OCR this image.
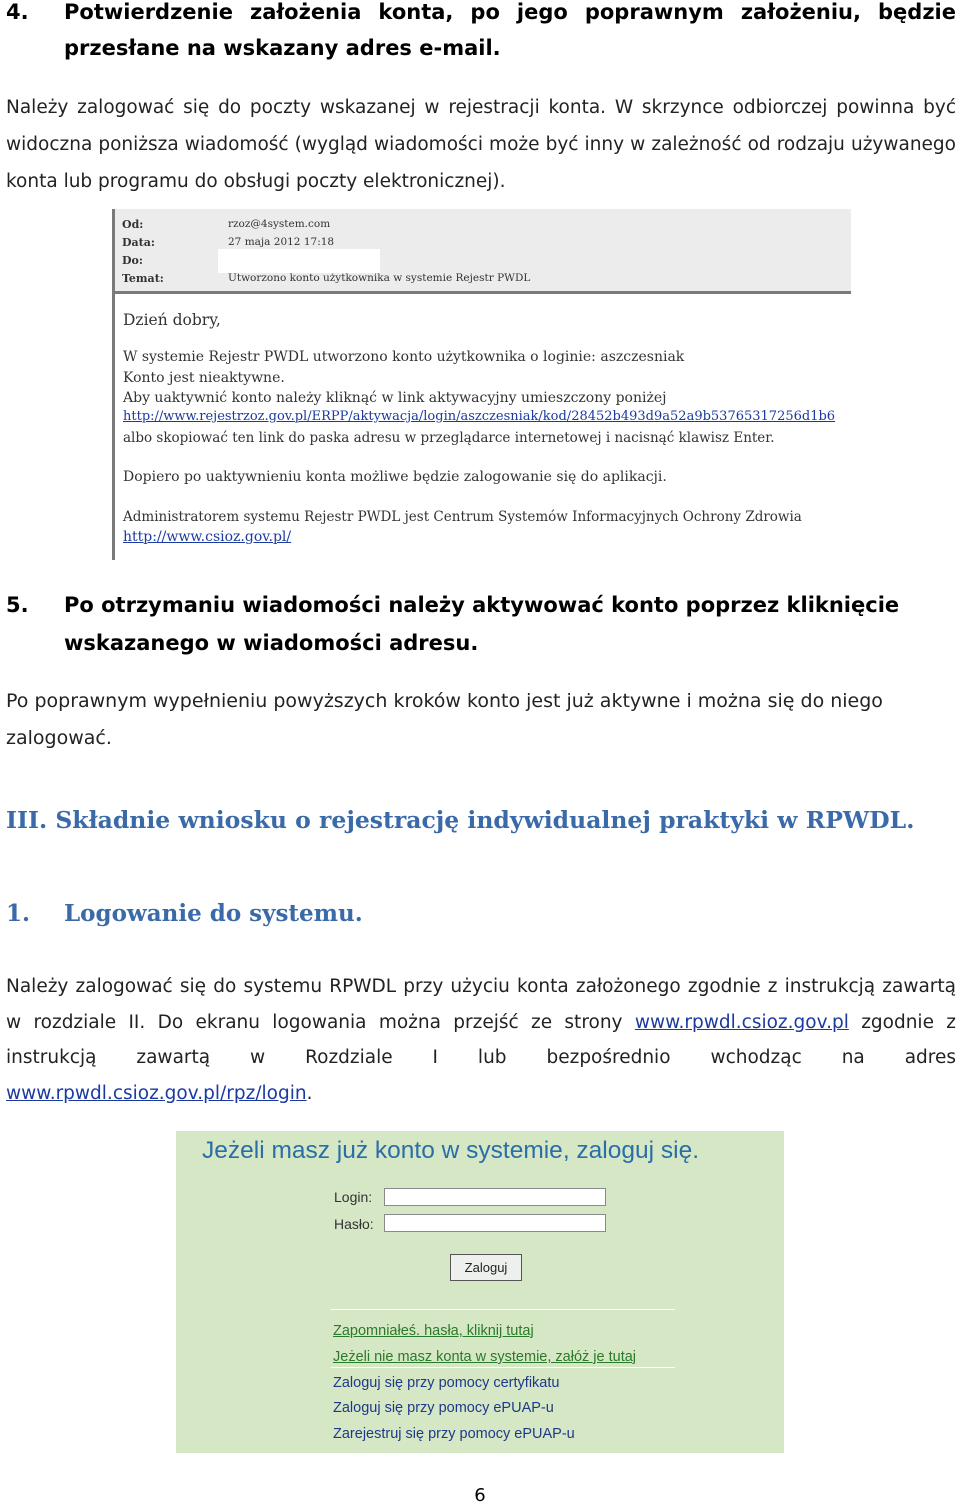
4. Potwierdzenie założenia konta, po jego poprawnym założeniu, będzie przesłane na wskazany adres e-mail.
Należy zalogować się do poczty wskazanej w rejestracji konta. W skrzynce odbiorczej powinna być widoczna poniższa wiadomość (wygląd wiadomości może być inny w zależność od rodzaju używanego konta lub programu do obsługi poczty elektronicznej).
Od:	rzoz@4system.com
Data:	27 maja 2012 17:18
Do:
Temat:	Utworzono konto użytkownika w systemie Rejestr PWDL
Dzień dobry,
W systemie Rejestr PWDL utworzono konto użytkownika o loginie: aszczesniak
Konto jest nieaktywne.
Aby uaktywnić konto należy kliknąć w link aktywacyjny umieszczony poniżej
http://www.rejestrzoz.gov.pl/ERPP/aktywacja/login/aszczesniak/kod/28452b493d9a52a9b53765317256d1b6
albo skopiować ten link do paska adresu w przeglądarce internetowej i nacisnąć klawisz Enter.
Dopiero po uaktywnieniu konta możliwe będzie zalogowanie się do aplikacji.
Administratorem systemu Rejestr PWDL jest Centrum Systemów Informacyjnych Ochrony Zdrowia
http://www.csioz.gov.pl/
5. Po otrzymaniu wiadomości należy aktywować konto poprzez kliknięcie wskazanego w wiadomości adresu.
Po poprawnym wypełnieniu powyższych kroków konto jest już aktywne i można się do niego zalogować.
III. Składnie wniosku o rejestrację indywidualnej praktyki w RPWDL.
1. Logowanie do systemu.
Należy zalogować się do systemu RPWDL przy użyciu konta założonego zgodnie z instrukcją zawartą w rozdziale II. Do ekranu logowania można przejść ze strony www.rpwdl.csioz.gov.pl zgodnie z instrukcją zawartą w Rozdziale I lub bezpośrednio wchodząc na adres www.rpwdl.csioz.gov.pl/rpz/login.
Jeżeli masz już konto w systemie, zaloguj się.
Login:
Hasło:
Zaloguj
Zapomniałeś. hasła, kliknij tutaj
Jeżeli nie masz konta w systemie, załóż je tutaj
Zaloguj się przy pomocy certyfikatu
Zaloguj się przy pomocy ePUAP-u
Zarejestruj się przy pomocy ePUAP-u
6
